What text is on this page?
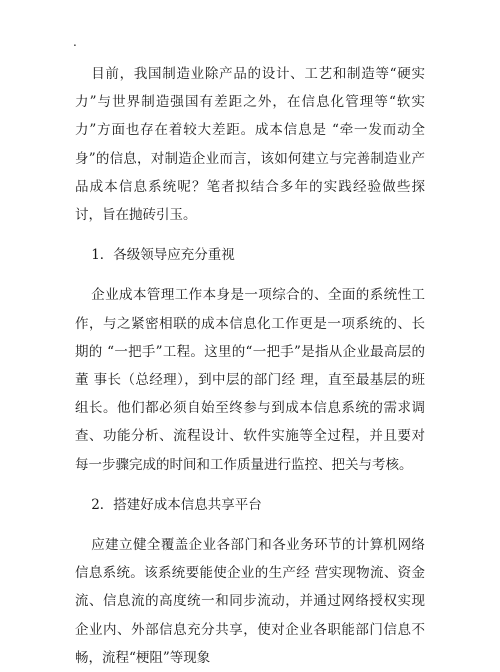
.

目前，我国制造业除产品的设计、工艺和制造等“硬实力”与世界制造强国有差距之外，在信息化管理等“软实力”方面也存在着较大差距。成本信息是 “牵一发而动全身”的信息，对制造企业而言，该如何建立与完善制造业产品成本信息系统呢？笔者拟结合多年的实践经验做些探讨，旨在抛砖引玉。

1．各级领导应充分重视

企业成本管理工作本身是一项综合的、全面的系统性工作，与之紧密相联的成本信息化工作更是一项系统的、长期的 “一把手”工程。这里的“一把手”是指从企业最高层的董 事长（总经理），到中层的部门经 理，直至最基层的班组长。他们都必须自始至终参与到成本信息系统的需求调查、功能分析、流程设计、软件实施等全过程，并且要对每一步骤完成的时间和工作质量进行监控、把关与考核。

2．搭建好成本信息共享平台

应建立健全覆盖企业各部门和各业务环节的计算机网络信息系统。该系统要能使企业的生产经 营实现物流、资金流、信息流的高度统一和同步流动，并通过网络授权实现企业内、外部信息充分共享，使对企业各职能部门信息不畅，流程“梗阻”等现象
